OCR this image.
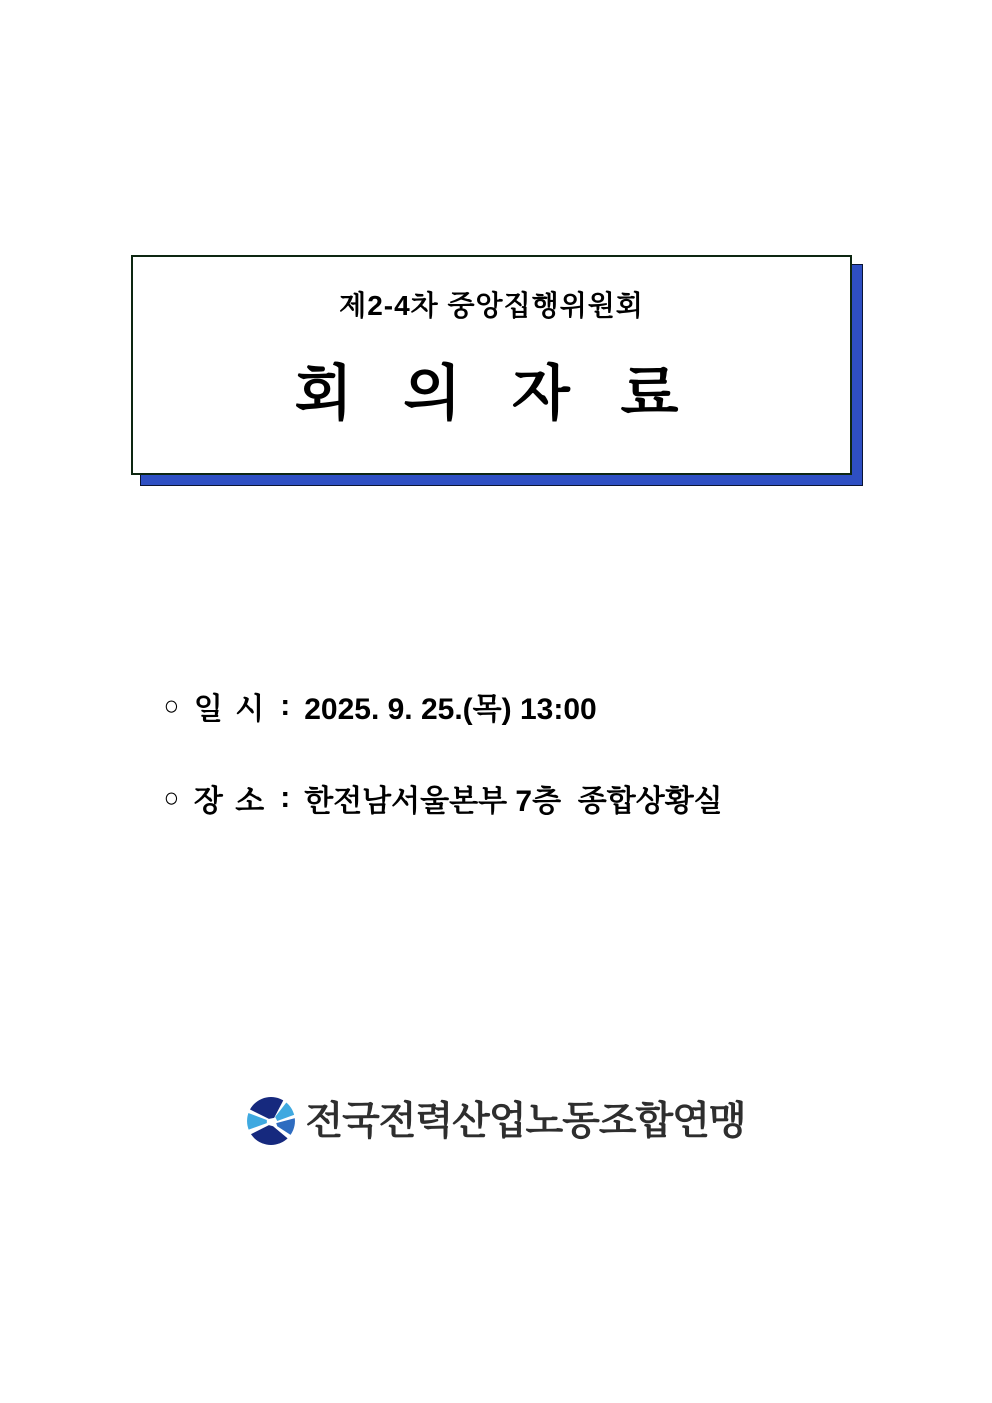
제2-4차 중앙집행위원회
회 의 자 료
○ 일 시 : 2025. 9. 25.(목) 13:00
○ 장 소 : 한전남서울본부 7층  종합상황실
전국전력산업노동조합연맹
